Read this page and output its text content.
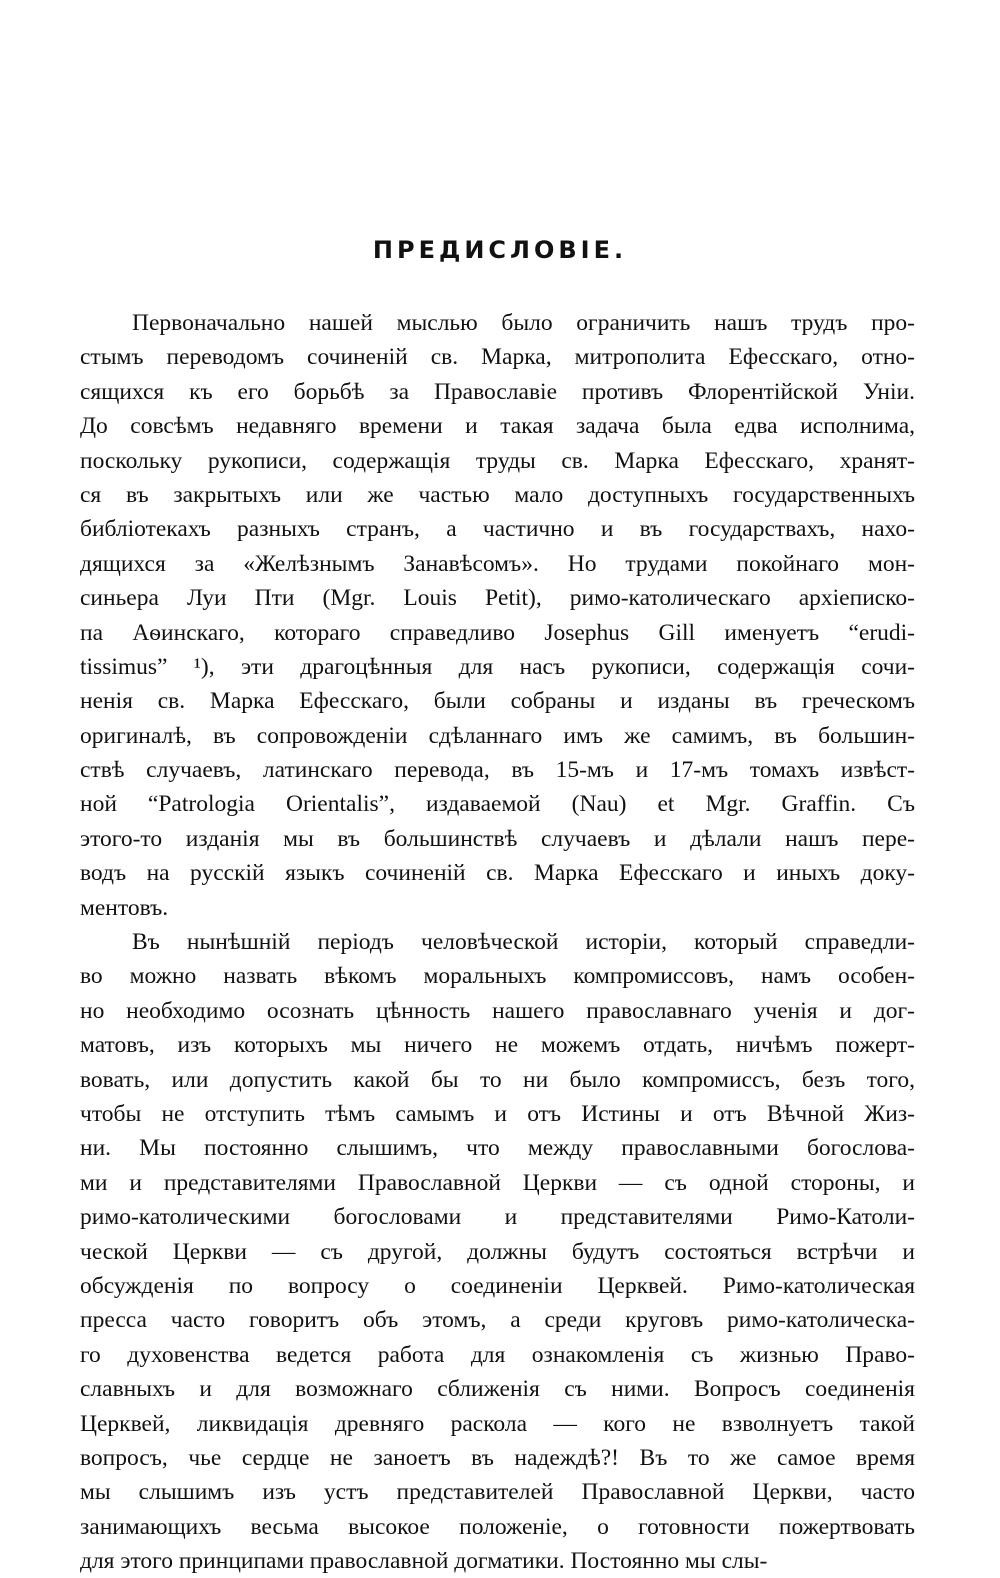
ПРЕДИСЛОВІЕ.
Первоначально нашей мыслью было ограничить нашъ трудъ про-
стымъ переводомъ сочиненій св. Марка, митрополита Ефесскаго, отно-
сящихся къ его борьбѣ за Православіе противъ Флорентійской Уніи.
До совсѣмъ недавняго времени и такая задача была едва исполнима,
поскольку рукописи, содержащія труды св. Марка Ефесскаго, хранят-
ся въ закрытыхъ или же частью мало доступныхъ государственныхъ
библіотекахъ разныхъ странъ, а частично и въ государствахъ, нахо-
дящихся за «Желѣзнымъ Занавѣсомъ». Но трудами покойнаго мон-
синьера Луи Пти (Mgr. Louis Petit), римо-католическаго архіеписко-
па Аѳинскаго, котораго справедливо Josephus Gill именуетъ “erudi-
tissimus” ¹), эти драгоцѣнныя для насъ рукописи, содержащія сочи-
ненія св. Марка Ефесскаго, были собраны и изданы въ греческомъ
оригиналѣ, въ сопровожденіи сдѣланнаго имъ же самимъ, въ большин-
ствѣ случаевъ, латинскаго перевода, въ 15-мъ и 17-мъ томахъ извѣст-
ной “Patrologia Orientalis”, издаваемой (Nau) et Mgr. Graffin. Съ
этого-то изданія мы въ большинствѣ случаевъ и дѣлали нашъ пере-
водъ на русскій языкъ сочиненій св. Марка Ефесскаго и иныхъ доку-
ментовъ.
Въ нынѣшній періодъ человѣческой исторіи, который справедли-
во можно назвать вѣкомъ моральныхъ компромиссовъ, намъ особен-
но необходимо осознать цѣнность нашего православнаго ученія и дог-
матовъ, изъ которыхъ мы ничего не можемъ отдать, ничѣмъ пожерт-
вовать, или допустить какой бы то ни было компромиссъ, безъ того,
чтобы не отступить тѣмъ самымъ и отъ Истины и отъ Вѣчной Жиз-
ни. Мы постоянно слышимъ, что между православными богослова-
ми и представителями Православной Церкви — съ одной стороны, и
римо-католическими богословами и представителями Римо-Католи-
ческой Церкви — съ другой, должны будутъ состояться встрѣчи и
обсужденія по вопросу о соединеніи Церквей. Римо-католическая
пресса часто говоритъ объ этомъ, а среди круговъ римо-католическа-
го духовенства ведется работа для ознакомленія съ жизнью Право-
славныхъ и для возможнаго сближенія съ ними. Вопросъ соединенія
Церквей, ликвидація древняго раскола — кого не взволнуетъ такой
вопросъ, чье сердце не заноетъ въ надеждѣ?! Въ то же самое время
мы слышимъ изъ устъ представителей Православной Церкви, часто
занимающихъ весьма высокое положеніе, о готовности пожертвовать
для этого принципами православной догматики. Постоянно мы слы-
